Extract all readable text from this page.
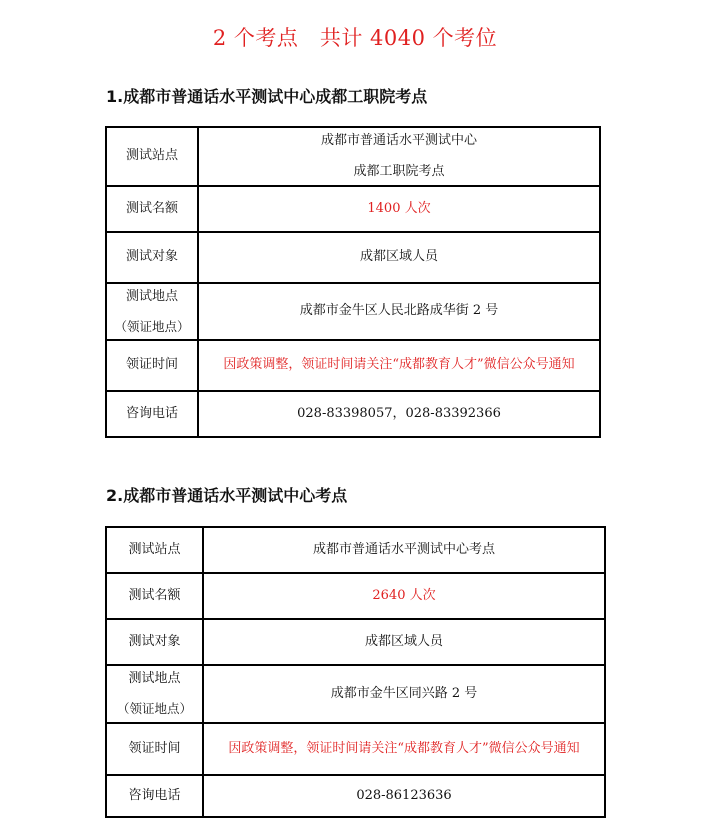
2 个考点　共计 4040 个考位
1.成都市普通话水平测试中心成都工职院考点
测试站点	成都市普通话水平测试中心
成都工职院考点

测试名额	1400 人次
测试对象	成都区域人员

测试地点
（领证地点）	成都市金牛区人民北路成华街 2 号
领证时间	因政策调整，领证时间请关注“成都教育人才”微信公众号通知
咨询电话	028-83398057，028-83392366
2.成都市普通话水平测试中心考点
测试站点	成都市普通话水平测试中心考点
测试名额	2640 人次
测试对象	成都区域人员

测试地点
（领证地点）	成都市金牛区同兴路 2 号
领证时间	因政策调整，领证时间请关注“成都教育人才”微信公众号通知
咨询电话	028-86123636
